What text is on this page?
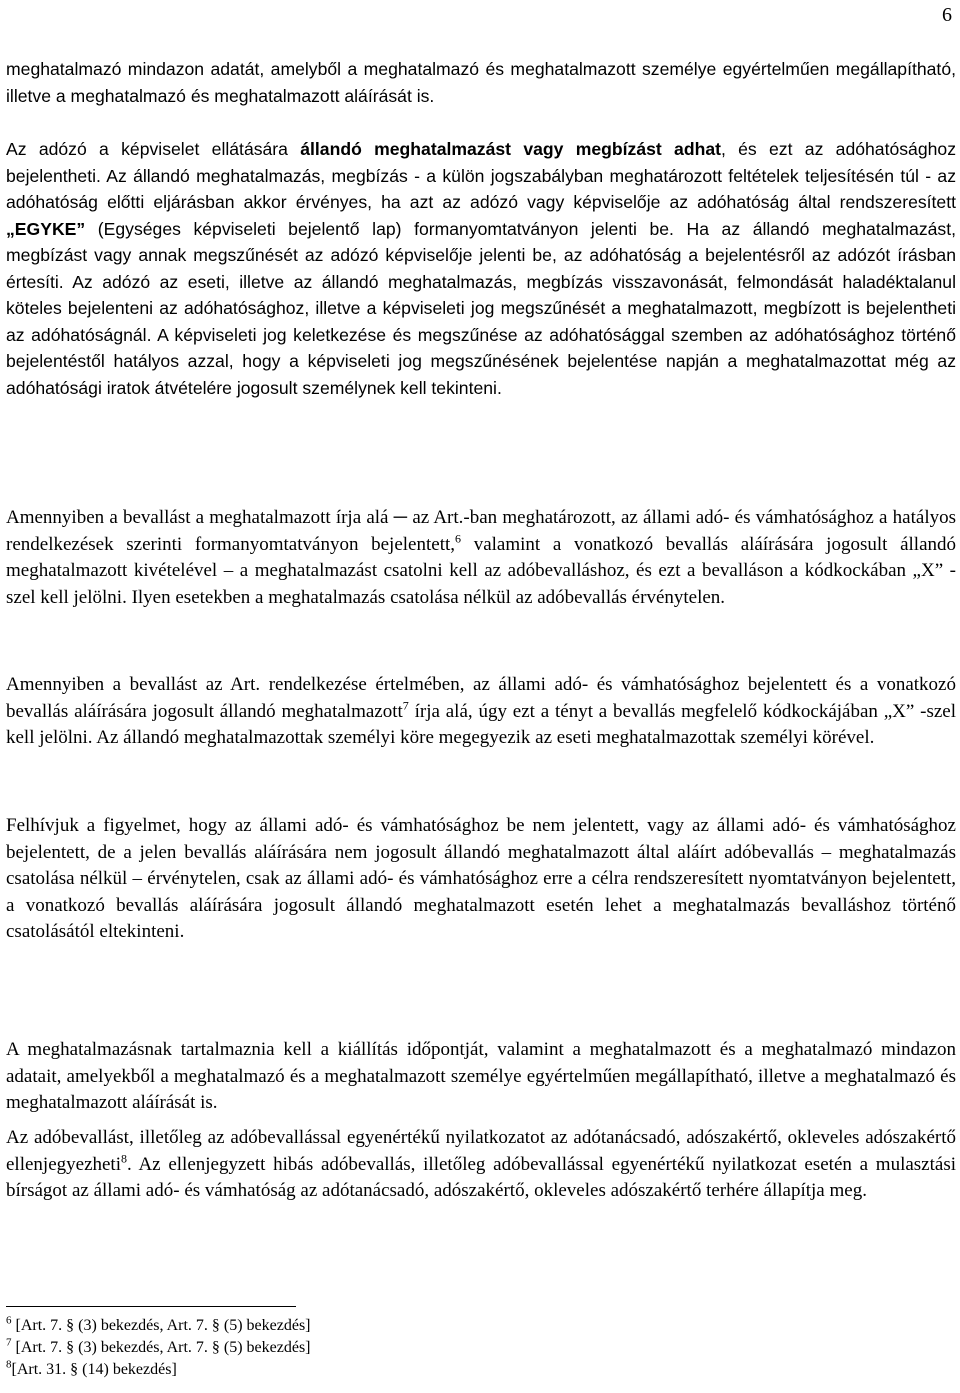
6

meghatalmazó mindazon adatát, amelyből a meghatalmazó és meghatalmazott személye egyértelműen megállapítható, illetve a meghatalmazó és meghatalmazott aláírását is.

Az adózó a képviselet ellátására állandó meghatalmazást vagy megbízást adhat, és ezt az adóhatósághoz bejelentheti. Az állandó meghatalmazás, megbízás - a külön jogszabályban meghatározott feltételek teljesítésén túl - az adóhatóság előtti eljárásban akkor érvényes, ha azt az adózó vagy képviselője az adóhatóság által rendszeresített „EGYKE” (Egységes képviseleti bejelentő lap) formanyomtatványon jelenti be. Ha az állandó meghatalmazást, megbízást vagy annak megszűnését az adózó képviselője jelenti be, az adóhatóság a bejelentésről az adózót írásban értesíti. Az adózó az eseti, illetve az állandó meghatalmazás, megbízás visszavonását, felmondását haladéktalanul köteles bejelenteni az adóhatósághoz, illetve a képviseleti jog megszűnését a meghatalmazott, megbízott is bejelentheti az adóhatóságnál. A képviseleti jog keletkezése és megszűnése az adóhatósággal szemben az adóhatósághoz történő bejelentéstől hatályos azzal, hogy a képviseleti jog megszűnésének bejelentése napján a meghatalmazottat még az adóhatósági iratok átvételére jogosult személynek kell tekinteni.

Amennyiben a bevallást a meghatalmazott írja alá ─ az Art.-ban meghatározott, az állami adó- és vámhatósághoz a hatályos rendelkezések szerinti formanyomtatványon bejelentett,$^6$ valamint a vonatkozó bevallás aláírására jogosult állandó meghatalmazott kivételével – a meghatalmazást csatolni kell az adóbevalláshoz, és ezt a bevalláson a kódkockában „X” -szel kell jelölni. Ilyen esetekben a meghatalmazás csatolása nélkül az adóbevallás érvénytelen.

Amennyiben a bevallást az Art. rendelkezése értelmében, az állami adó- és vámhatósághoz bejelentett és a vonatkozó bevallás aláírására jogosult állandó meghatalmazott$^7$ írja alá, úgy ezt a tényt a bevallás megfelelő kódkockájában „X” -szel kell jelölni. Az állandó meghatalmazottak személyi köre megegyezik az eseti meghatalmazottak személyi körével.

Felhívjuk a figyelmet, hogy az állami adó- és vámhatósághoz be nem jelentett, vagy az állami adó- és vámhatósághoz bejelentett, de a jelen bevallás aláírására nem jogosult állandó meghatalmazott által aláírt adóbevallás – meghatalmazás csatolása nélkül – érvénytelen, csak az állami adó- és vámhatósághoz erre a célra rendszeresített nyomtatványon bejelentett, a vonatkozó bevallás aláírására jogosult állandó meghatalmazott esetén lehet a meghatalmazás bevalláshoz történő csatolásától eltekinteni.

A meghatalmazásnak tartalmaznia kell a kiállítás időpontját, valamint a meghatalmazott és a meghatalmazó mindazon adatait, amelyekből a meghatalmazó és a meghatalmazott személye egyértelműen megállapítható, illetve a meghatalmazó és meghatalmazott aláírását is.

Az adóbevallást, illetőleg az adóbevallással egyenértékű nyilatkozatot az adótanácsadó, adószakértő, okleveles adószakértő ellenjegyezheti$^8$. Az ellenjegyzett hibás adóbevallás, illetőleg adóbevallással egyenértékű nyilatkozat esetén a mulasztási bírságot az állami adó- és vámhatóság az adótanácsadó, adószakértő, okleveles adószakértő terhére állapítja meg.

$^6$ [Art. 7. § (3) bekezdés, Art. 7. § (5) bekezdés]
$^7$ [Art. 7. § (3) bekezdés, Art. 7. § (5) bekezdés]
$^8$[Art. 31. § (14) bekezdés]
